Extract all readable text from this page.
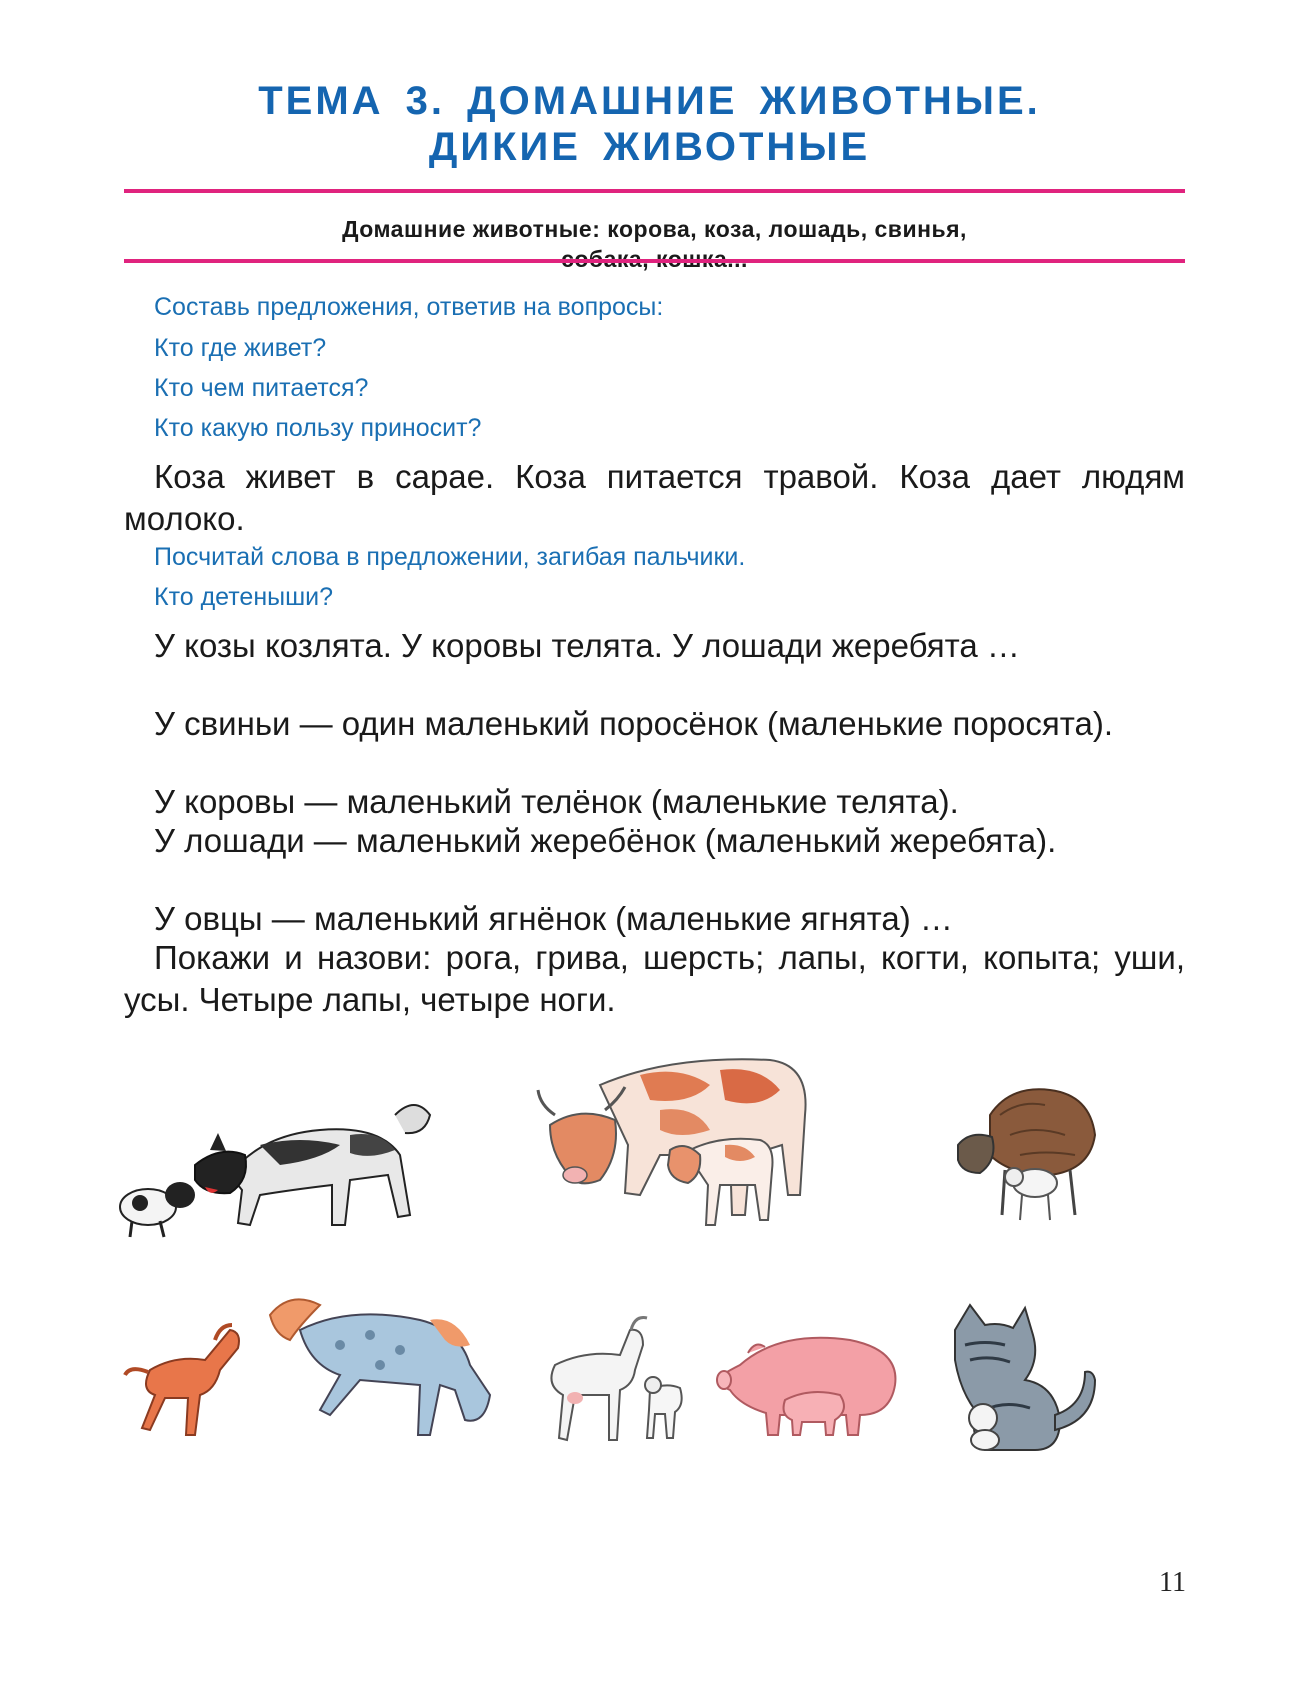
ТЕМА 3. ДОМАШНИЕ ЖИВОТНЫЕ.
ДИКИЕ ЖИВОТНЫЕ
Домашние животные: корова, коза, лошадь, свинья,
Составь предложения, ответив на вопросы:
Кто где живет?
Кто чем питается?
Кто какую пользу приносит?

Коза живет в сарае. Коза питается травой. Коза дает людям молоко.

Посчитай слова в предложении, загибая пальчики.
Кто детеныши?

У козы козлята. У коровы телята. У лошади жеребята …

У свиньи — один маленький поросёнок (маленькие поросята).

У коровы — маленький телёнок (маленькие телята).

У лошади — маленький жеребёнок (маленький жеребята).

У овцы — маленький ягнёнок (маленькие ягнята) …

Покажи и назови: рога, грива, шерсть; лапы, когти, копыта; уши, усы. Четыре лапы, четыре ноги.

11
